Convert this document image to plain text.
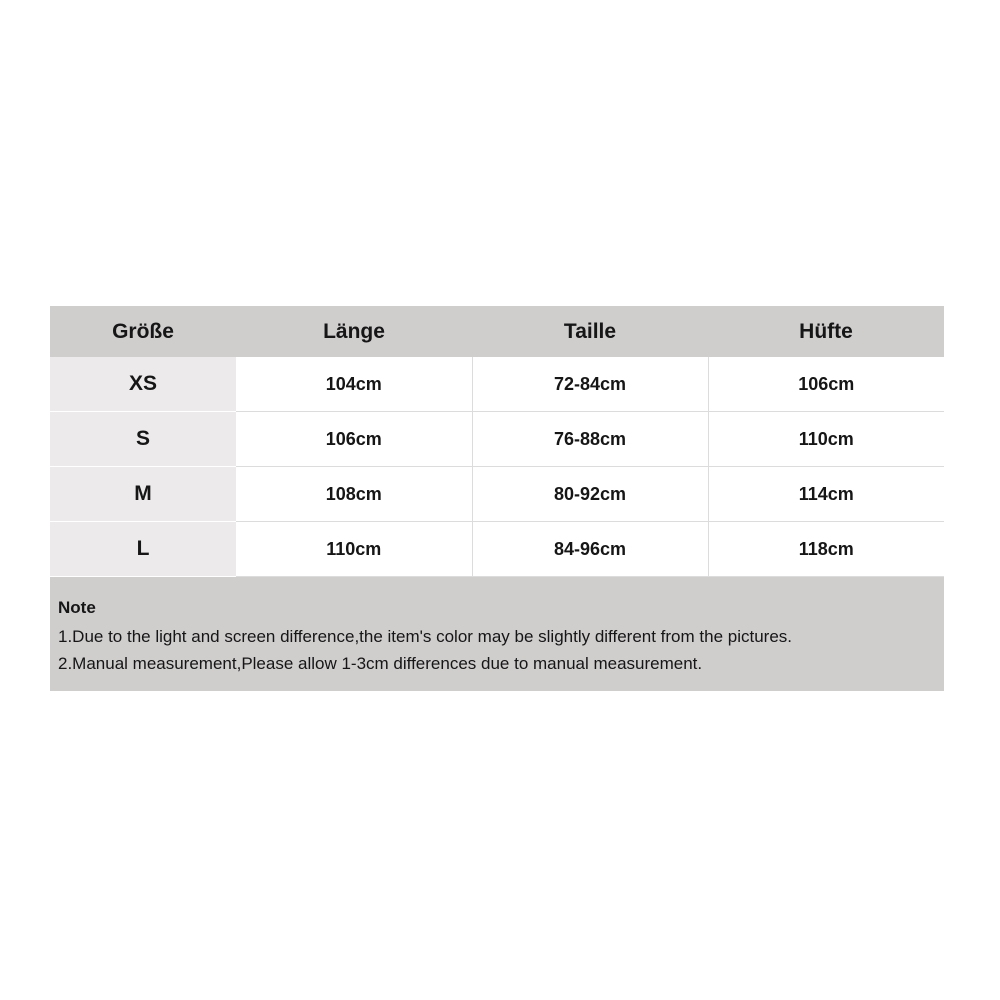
Größe	Länge	Taille	Hüfte
XS	104cm	72-84cm	106cm
S	106cm	76-88cm	110cm
M	108cm	80-92cm	114cm
L	110cm	84-96cm	118cm

Note

1.Due to the light and screen difference,the item's color may be slightly different from the pictures.

2.Manual measurement,Please allow 1-3cm differences due to manual measurement.
